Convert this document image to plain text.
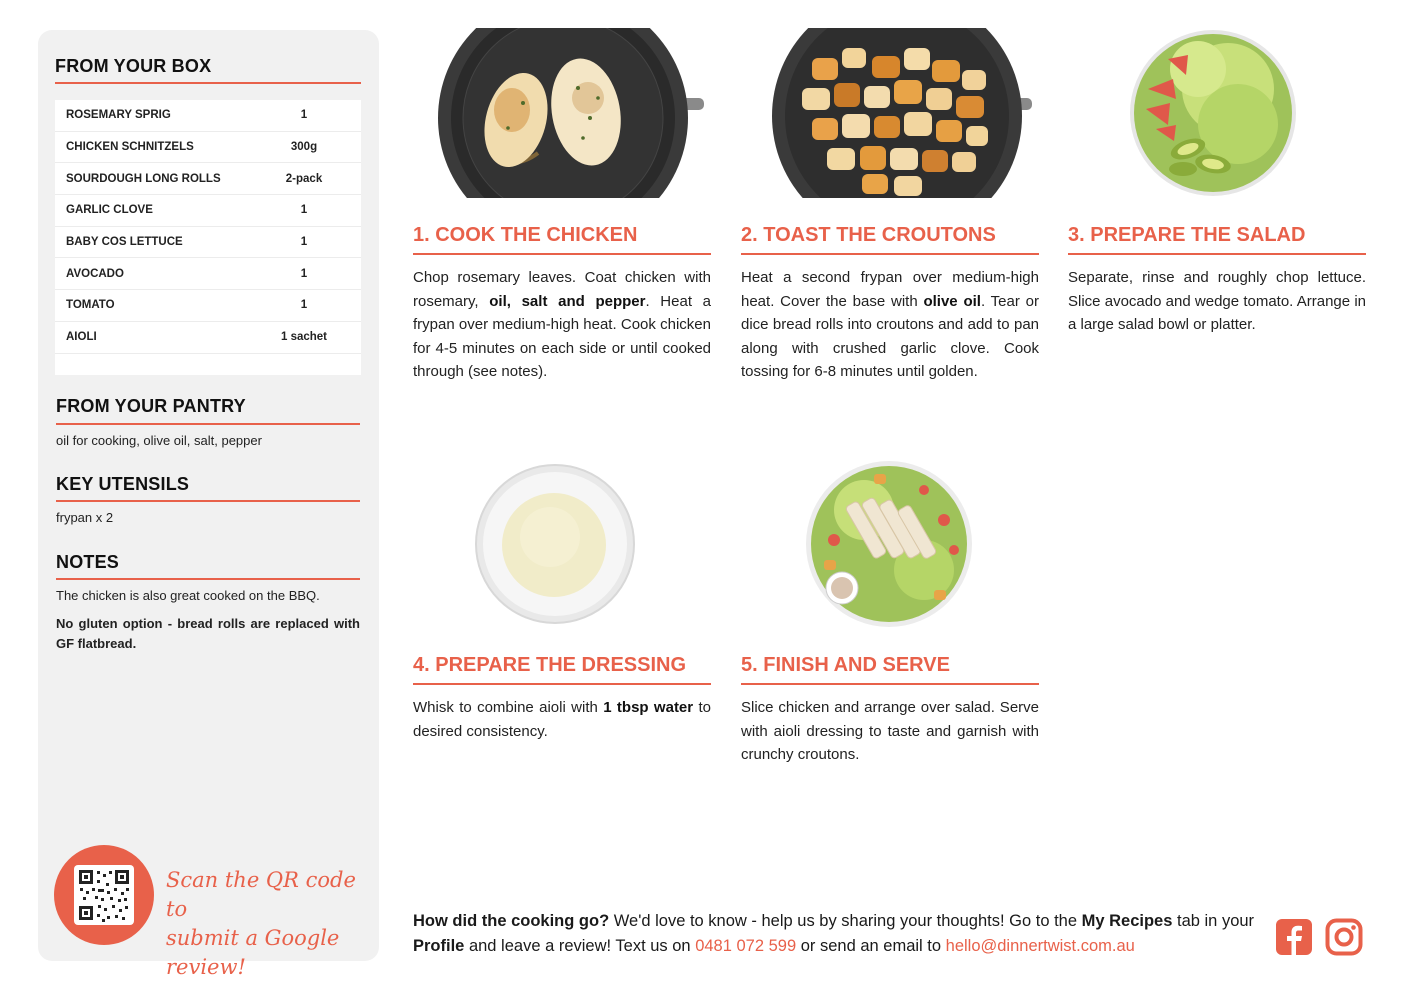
FROM YOUR BOX
ROSEMARY SPRIG	1
CHICKEN SCHNITZELS	300g
SOURDOUGH LONG ROLLS	2-pack
GARLIC CLOVE	1
BABY COS LETTUCE	1
AVOCADO	1
TOMATO	1
AIOLI	1 sachet
FROM YOUR PANTRY
oil for cooking, olive oil, salt, pepper
KEY UTENSILS
frypan x 2
NOTES
The chicken is also great cooked on the BBQ.
No gluten option - bread rolls are replaced with GF flatbread.
Scan the QR code to
submit a Google review!
1. COOK THE CHICKEN
Chop rosemary leaves. Coat chicken with rosemary, oil, salt and pepper. Heat a frypan over medium-high heat. Cook chicken for 4-5 minutes on each side or until cooked through (see notes).
2. TOAST THE CROUTONS
Heat a second frypan over medium-high heat. Cover the base with olive oil. Tear or dice bread rolls into croutons and add to pan along with crushed garlic clove. Cook tossing for 6-8 minutes until golden.
3. PREPARE THE SALAD
Separate, rinse and roughly chop lettuce. Slice avocado and wedge tomato. Arrange in a large salad bowl or platter.
4. PREPARE THE DRESSING
Whisk to combine aioli with 1 tbsp water to desired consistency.
5. FINISH AND SERVE
Slice chicken and arrange over salad. Serve with aioli dressing to taste and garnish with crunchy croutons.
How did the cooking go? We'd love to know - help us by sharing your thoughts! Go to the My Recipes tab in your Profile and leave a review! Text us on 0481 072 599 or send an email to hello@dinnertwist.com.au
